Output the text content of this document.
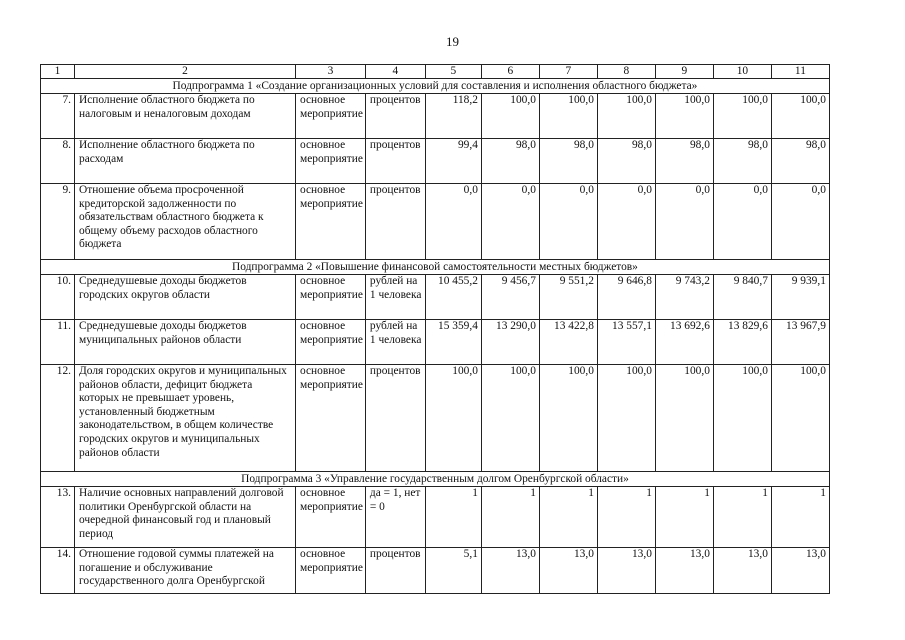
19
1	2	3	4	5	6	7	8	9	10	11
Подпрограмма 1 «Создание организационных условий для составления и исполнения областного бюджета»										
7.	Исполнение областного бюджета по налоговым и неналоговым доходам	основное мероприятие	процентов	118,2	100,0	100,0	100,0	100,0	100,0	100,0
8.	Исполнение областного бюджета по расходам	основное мероприятие	процентов	99,4	98,0	98,0	98,0	98,0	98,0	98,0
9.	Отношение объема просроченной кредиторской задолженности по обязательствам областного бюджета к общему объему расходов областного бюджета	основное мероприятие	процентов	0,0	0,0	0,0	0,0	0,0	0,0	0,0
Подпрограмма 2 «Повышение финансовой самостоятельности местных бюджетов»										
10.	Среднедушевые доходы бюджетов городских округов области	основное мероприятие	рублей на 1 человека	10 455,2	9 456,7	9 551,2	9 646,8	9 743,2	9 840,7	9 939,1
11.	Среднедушевые доходы бюджетов муниципальных районов области	основное мероприятие	рублей на 1 человека	15 359,4	13 290,0	13 422,8	13 557,1	13 692,6	13 829,6	13 967,9
12.	Доля городских округов и муниципальных районов области, дефицит бюджета которых не превышает уровень, установленный бюджетным законодательством, в общем количестве городских округов и муниципальных районов области	основное мероприятие	процентов	100,0	100,0	100,0	100,0	100,0	100,0	100,0
Подпрограмма 3 «Управление государственным долгом Оренбургской области»										
13.	Наличие основных направлений долговой политики Оренбургской области на очередной финансовый год и плановый период	основное мероприятие	да = 1, нет = 0	1	1	1	1	1	1	1
14.	Отношение годовой суммы платежей на погашение и обслуживание государственного долга Оренбургской	основное мероприятие	процентов	5,1	13,0	13,0	13,0	13,0	13,0	13,0
